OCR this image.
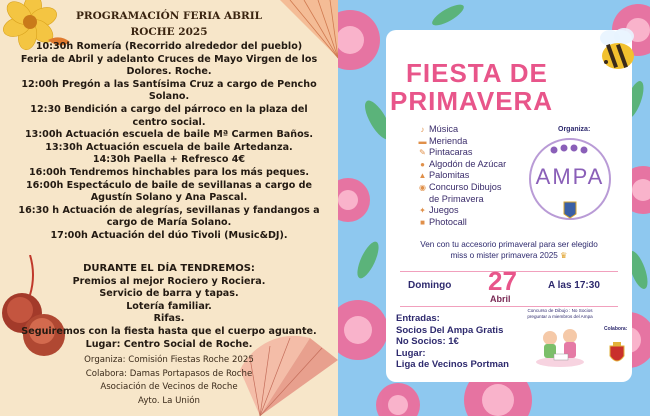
PROGRAMACIÓN FERIA ABRIL
ROCHE 2025
10:30h Romería (Recorrido alrededor del pueblo)
Feria de Abril y adelanto Cruces de Mayo Virgen de los
Dolores. Roche.
12:00h Pregón a las Santísima Cruz a cargo de Pencho
Solano.
12:30 Bendición a cargo del párroco en la plaza del
centro social.
13:00h Actuación escuela de baile Mª Carmen Baños.
13:30h Actuación escuela de baile Artedanza.
14:30h Paella + Refresco 4€
16:00h Tendremos hinchables para los más peques.
16:00h Espectáculo de baile de sevillanas a cargo de
Agustín Solano y Ana Pascal.
16:30 h Actuación de alegrías, sevillanas y fandangos a
cargo de María Solano.
17:00h Actuación del dúo Tivoli (Music&DJ).
DURANTE EL DÍA TENDREMOS:
Premios al mejor Rociero y Rociera.
Servicio de barra y tapas.
Lotería familiar.
Rifas.
Seguiremos con la fiesta hasta que el cuerpo aguante.
Lugar: Centro Social de Roche.
Organiza: Comisión Fiestas Roche 2025
Colabora: Damas Portapasos de Roche
Asociación de Vecinos de Roche
Ayto. La Unión
FIESTA DE
PRIMAVERA
♪ Música
▬ Merienda
✎ Pintacaras
● Algodón de Azúcar
▲ Palomitas
◉ Concurso Dibujos
de Primavera
✦ Juegos
■ Photocall
Organiza:
AMPA
Ven con tu accesorio primaveral para ser elegido
miss o mister primavera 2025 ♛
Domingo 27
Abril
A las 17:30
Entradas:
Socios Del Ampa Gratis
No Socios: 1€
Lugar:
Liga de Vecinos Portman
Concurso de Dibujo : No Socios
preguntar a miembros del Ampa
Colabora:
